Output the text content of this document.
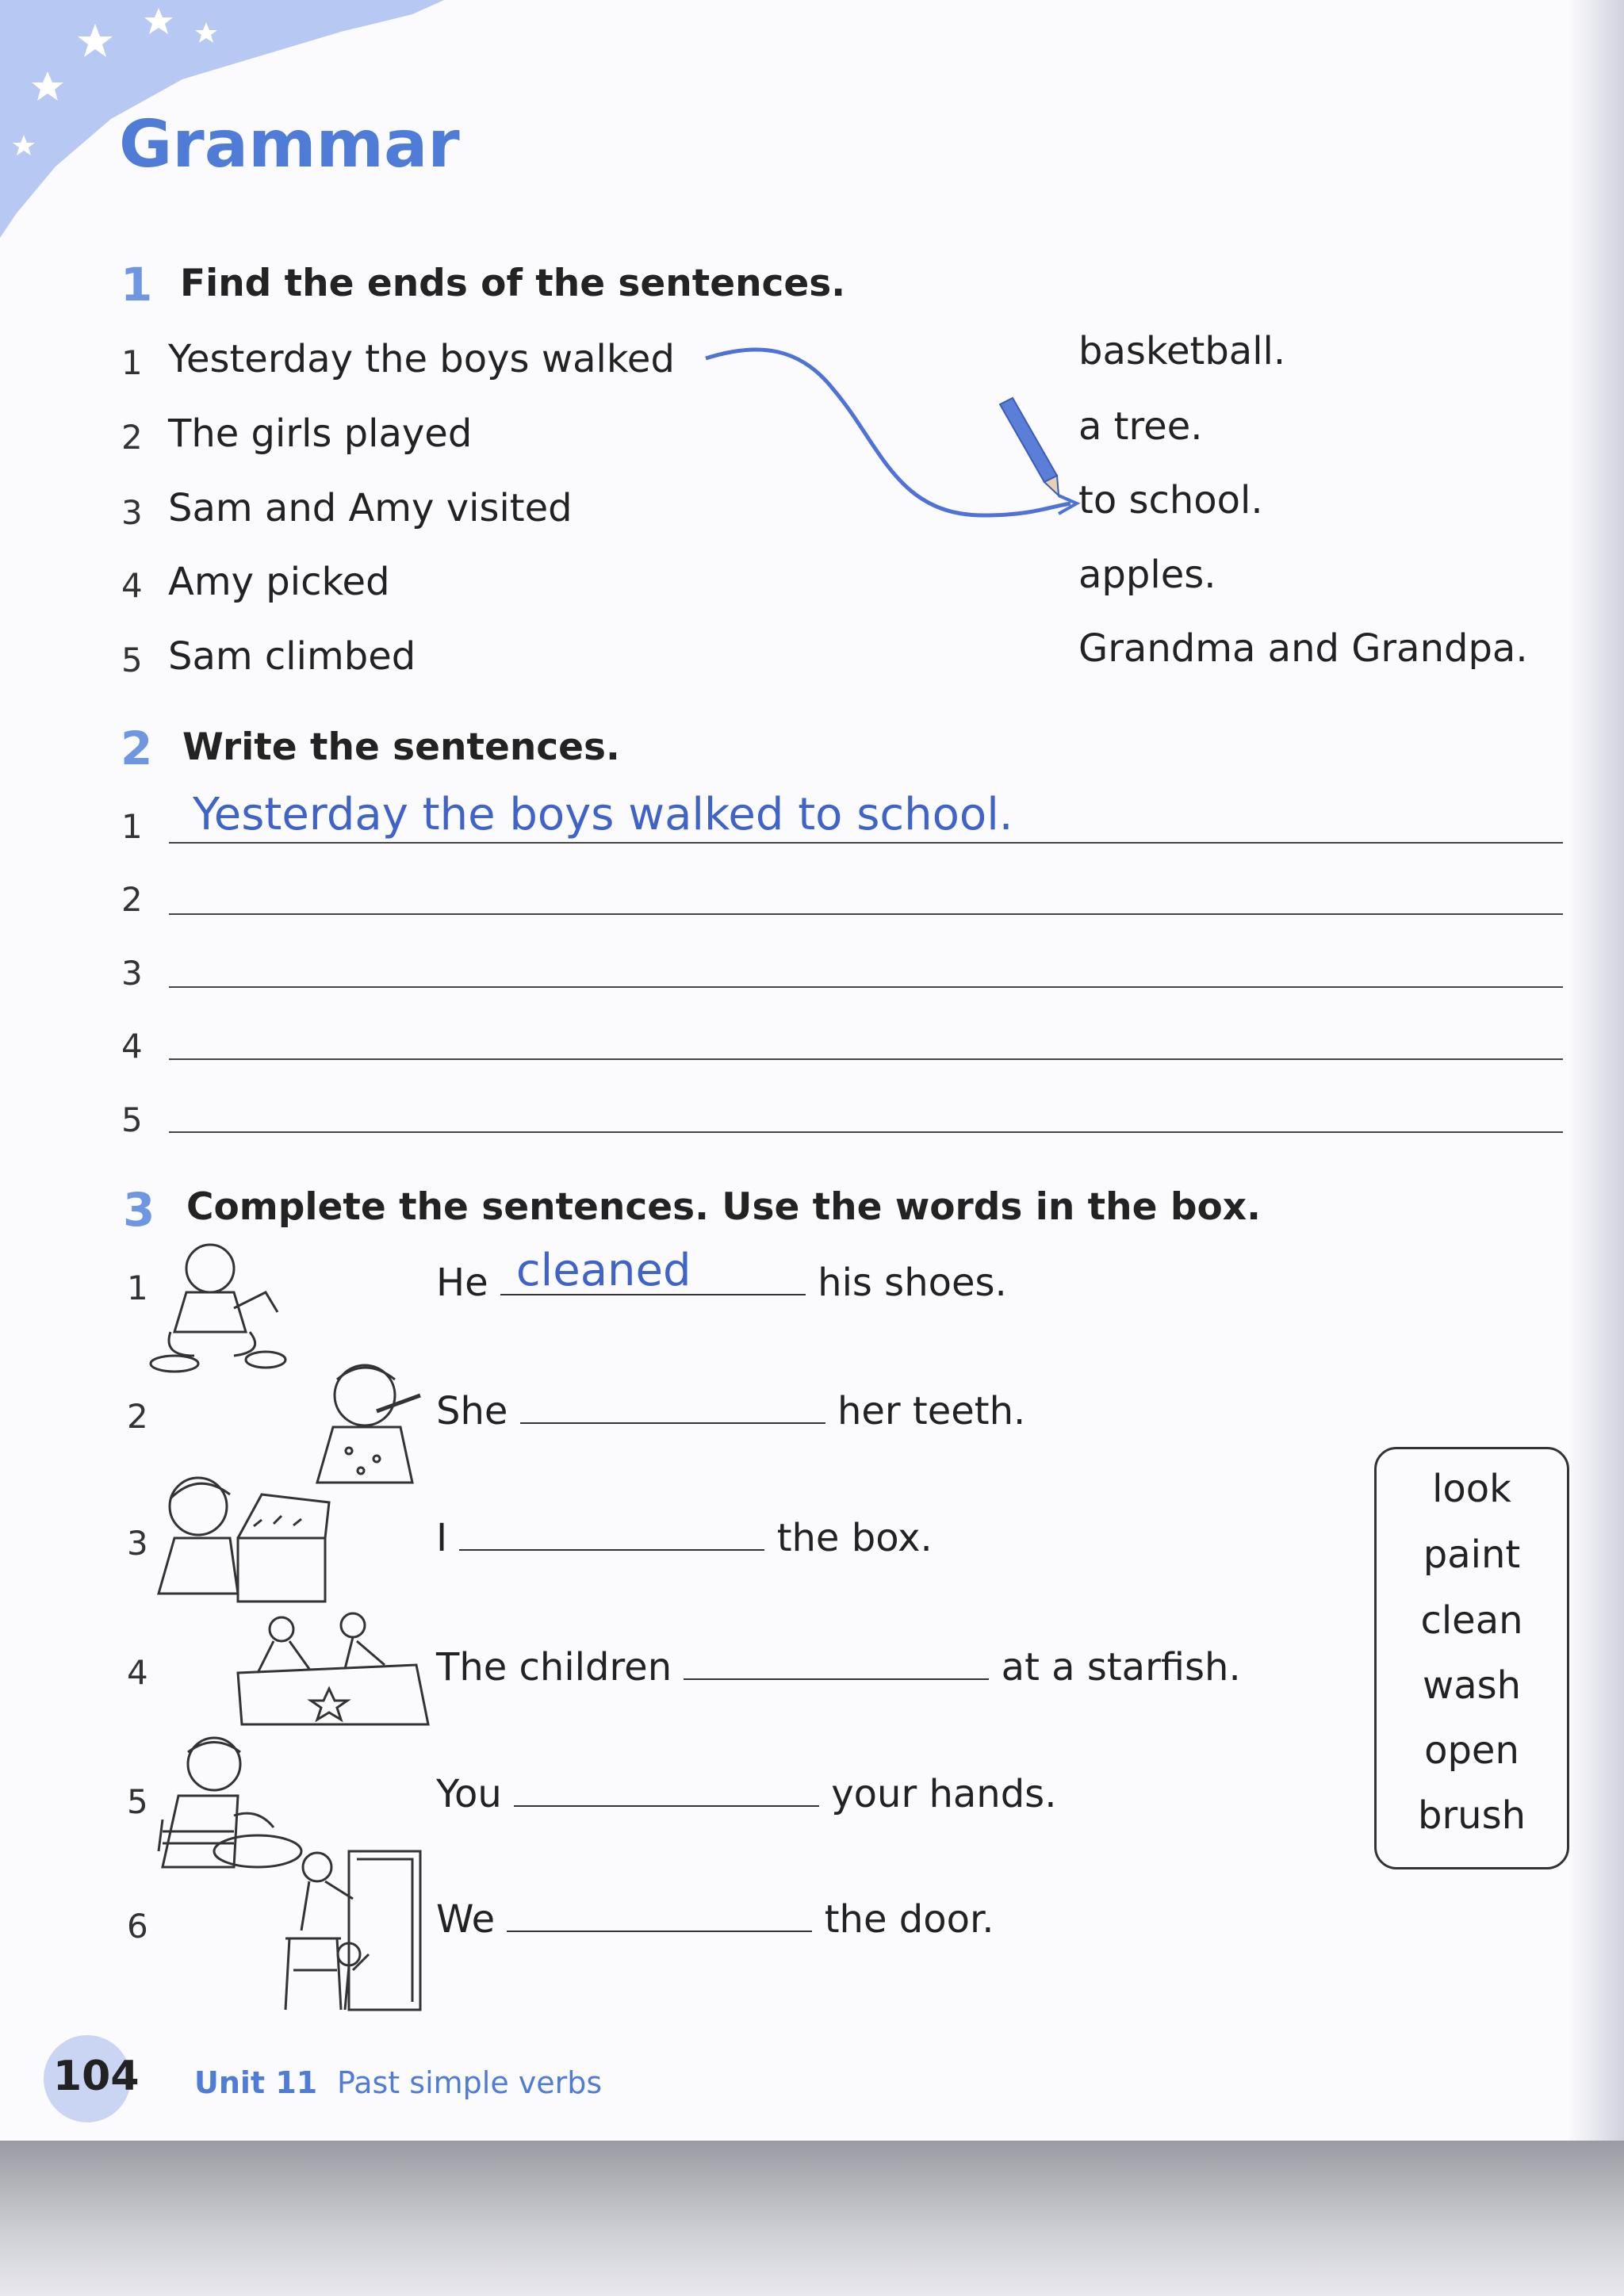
Grammar
1 Find the ends of the sentences.
1 Yesterday the boys walked
2 The girls played
3 Sam and Amy visited
4 Amy picked
5 Sam climbed
basketball.
a tree.
to school.
apples.
Grandma and Grandpa.
2 Write the sentences.
1 Yesterday the boys walked to school.
2
3
4
5
3 Complete the sentences. Use the words in the box.
1	He cleaned	his shoes.
2	She	her teeth.
3	I	the box.
4	The children	at a starfish.
5	You	your hands.
6	We	the door.
look
paint
clean
wash
open
brush
104 Unit 11 Past simple verbs
